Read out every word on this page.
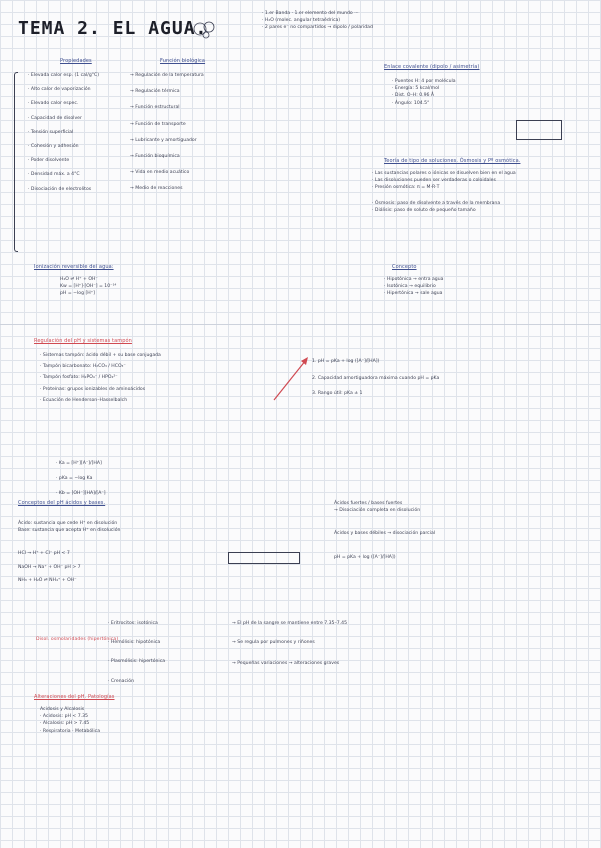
TEMA 2. EL AGUA.
· 1.er Banda · 1.er elemento del mundo ···
· H₂O (molec. angular tetraédrica)
· 2 pares e⁻ no compartidos → dipolo / polaridad
Propiedades	Función biológica
· Elevada calor esp. (1 cal/g°C)
· Alto calor de vaporización
· Elevado calor espec.
· Capacidad de disolver
· Tensión superficial
· Cohesión y adhesión
· Poder disolvente
· Densidad máx. a 4°C
· Disociación de electrolitos
→ Regulación de la temperatura
→ Regulación térmica
→ Función estructural
→ Función de transporte
→ Lubricante y amortiguador
→ Función bioquímica
→ Vida en medio acuático
→ Medio de reacciones
Enlace covalente (dipolo / asimetría)
· Puentes H: 4 por molécula
· Energía: 5 kcal/mol
· Dist. O–H: 0.96 Å
· Ángulo: 104.5°
Teoría de tipo de soluciones. Ósmosis y Pº osmótica.
· Las sustancias polares o iónicas se disuelven bien en el agua
· Las disoluciones pueden ser verdaderas o coloidales
· Presión osmótica: π = M·R·T
· Ósmosis: paso de disolvente a través de la membrana
· Diálisis: paso de soluto de pequeño tamaño
Ionización reversible del agua:
H₂O ⇌ H⁺ + OH⁻
Kw = [H⁺]·[OH⁻] = 10⁻¹⁴
pH = −log [H⁺]
Concepto
· Hipotónica → entra agua
· Isotónica → equilibrio
· Hipertónica → sale agua
Regulación del pH y sistemas tampón
· Sistemas tampón: ácido débil + su base conjugada
· Tampón bicarbonato: H₂CO₃ / HCO₃⁻
· Tampón fosfato: H₂PO₄⁻ / HPO₄²⁻
· Proteínas: grupos ionizables de aminoácidos
· Ecuación de Henderson–Hasselbalch
1. pH = pKa + log ([A⁻]/[HA])
2. Capacidad amortiguadora máxima cuando pH = pKa
3. Rango útil: pKa ± 1
· Ka = [H⁺][A⁻]/[HA]
· pKa = −log Ka
· Kb = [OH⁻][HA]/[A⁻]
Conceptos del pH ácidos y bases.
Ácido: sustancia que cede H⁺ en disolución
Base: sustancia que acepta H⁺ en disolución
HCl → H⁺ + Cl⁻ pH < 7
NaOH → Na⁺ + OH⁻ pH > 7
NH₃ + H₂O ⇌ NH₄⁺ + OH⁻
Ácidos fuertes / bases fuertes
→ Disociación completa en disolución
Ácidos y bases débiles → disociación parcial
pH = pKa + log ([A⁻]/[HA])
Disol. osmolaridades (hipertónica)
· Eritrocitos: isotónica
· Hemólisis: hipotónica
· Plasmólisis: hipertónica
· Crenación
→ El pH de la sangre se mantiene entre 7.35–7.45
→ Se regula por pulmones y riñones
→ Pequeñas variaciones → alteraciones graves
Alteraciones del pH. Patologías
Acidosis y Alcalosis
· Acidosis: pH < 7.35
· Alcalosis: pH > 7.45
· Respiratoria · Metabólica
